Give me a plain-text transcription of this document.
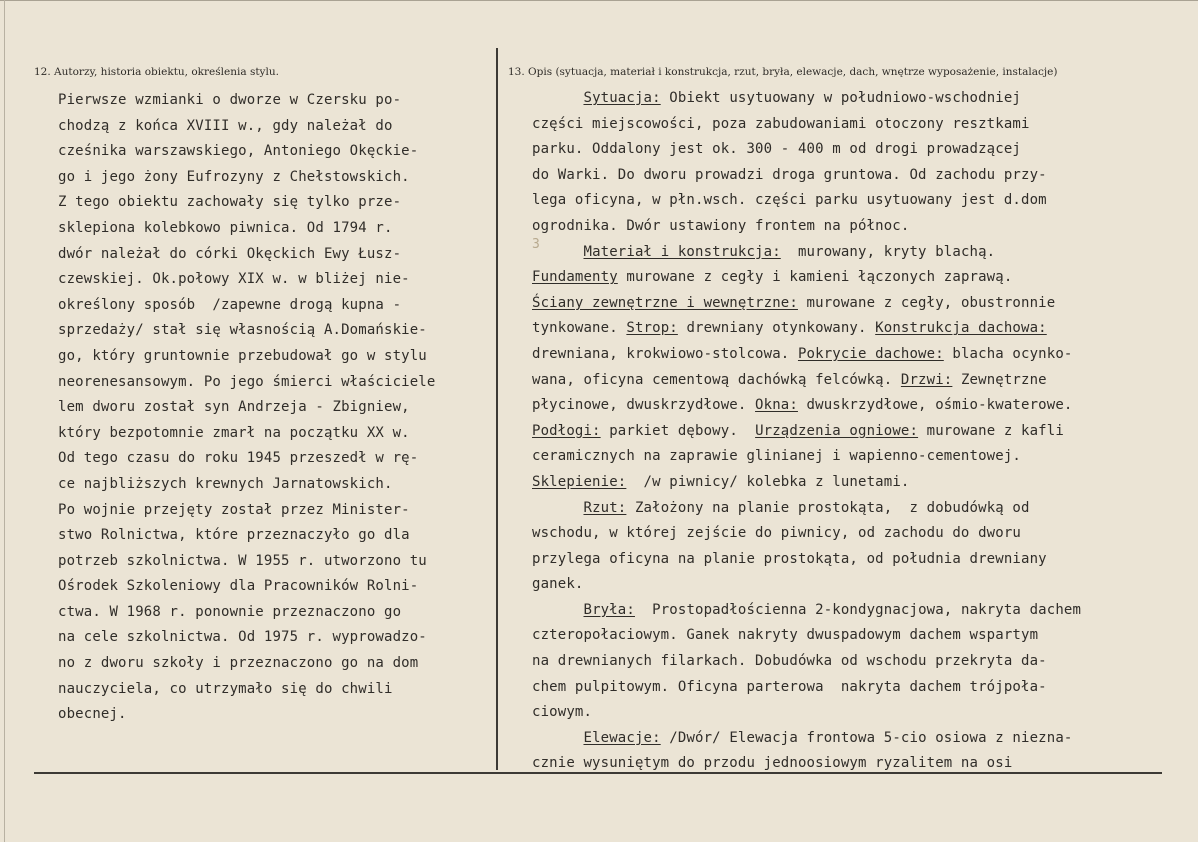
12. Autorzy, historia obiektu, określenia stylu.	13. Opis (sytuacja, materiał i konstrukcja, rzut, bryła, elewacje, dach, wnętrze wyposażenie, instalacje)
Pierwsze wzmianki o dworze w Czersku po-
chodzą z końca XVIII w., gdy należał do
cześnika warszawskiego, Antoniego Okęckie-
go i jego żony Eufrozyny z Chełstowskich.
Z tego obiektu zachowały się tylko prze-
sklepiona kolebkowo piwnica. Od 1794 r.
dwór należał do córki Okęckich Ewy Łusz-
czewskiej. Ok.połowy XIX w. w bliżej nie-
określony sposób  /zapewne drogą kupna -
sprzedaży/ stał się własnością A.Domańskie-
go, który gruntownie przebudował go w stylu
neorenesansowym. Po jego śmierci właściciele
lem dworu został syn Andrzeja - Zbigniew,
który bezpotomnie zmarł na początku XX w.
Od tego czasu do roku 1945 przeszedł w rę-
ce najbliższych krewnych Jarnatowskich.
Po wojnie przejęty został przez Minister-
stwo Rolnictwa, które przeznaczyło go dla
potrzeb szkolnictwa. W 1955 r. utworzono tu
Ośrodek Szkoleniowy dla Pracowników Rolni-
ctwa. W 1968 r. ponownie przeznaczono go
na cele szkolnictwa. Od 1975 r. wyprowadzo-
no z dworu szkoły i przeznaczono go na dom
nauczyciela, co utrzymało się do chwili
obecnej.
Sytuacja: Obiekt usytuowany w południowo-wschodniej
części miejscowości, poza zabudowaniami otoczony resztkami
parku. Oddalony jest ok. 300 - 400 m od drogi prowadzącej
do Warki. Do dworu prowadzi droga gruntowa. Od zachodu przy-
lega oficyna, w płn.wsch. części parku usytuowany jest d.dom
ogrodnika. Dwór ustawiony frontem na północ.
Materiał i konstrukcja:  murowany, kryty blachą.
Fundamenty murowane z cegły i kamieni łączonych zaprawą.
Ściany zewnętrzne i wewnętrzne: murowane z cegły, obustronnie
tynkowane. Strop: drewniany otynkowany. Konstrukcja dachowa:
drewniana, krokwiowo-stolcowa. Pokrycie dachowe: blacha ocynko-
wana, oficyna cementową dachówką felcówką. Drzwi: Zewnętrzne
płycinowe, dwuskrzydłowe. Okna: dwuskrzydłowe, ośmio-kwaterowe.
Podłogi: parkiet dębowy.  Urządzenia ogniowe: murowane z kafli
ceramicznych na zaprawie glinianej i wapienno-cementowej.
Sklepienie:  /w piwnicy/ kolebka z lunetami.
Rzut: Założony na planie prostokąta,  z dobudówką od
wschodu, w której zejście do piwnicy, od zachodu do dworu
przylega oficyna na planie prostokąta, od południa drewniany
ganek.
Bryła:  Prostopadłościenna 2-kondygnacjowa, nakryta dachem
czteropołaciowym. Ganek nakryty dwuspadowym dachem wspartym
na drewnianych filarkach. Dobudówka od wschodu przekryta da-
chem pulpitowym. Oficyna parterowa  nakryta dachem trójpoła-
ciowym.
Elewacje: /Dwór/ Elewacja frontowa 5-cio osiowa z niezna-
cznie wysuniętym do przodu jednoosiowym ryzalitem na osi
3
